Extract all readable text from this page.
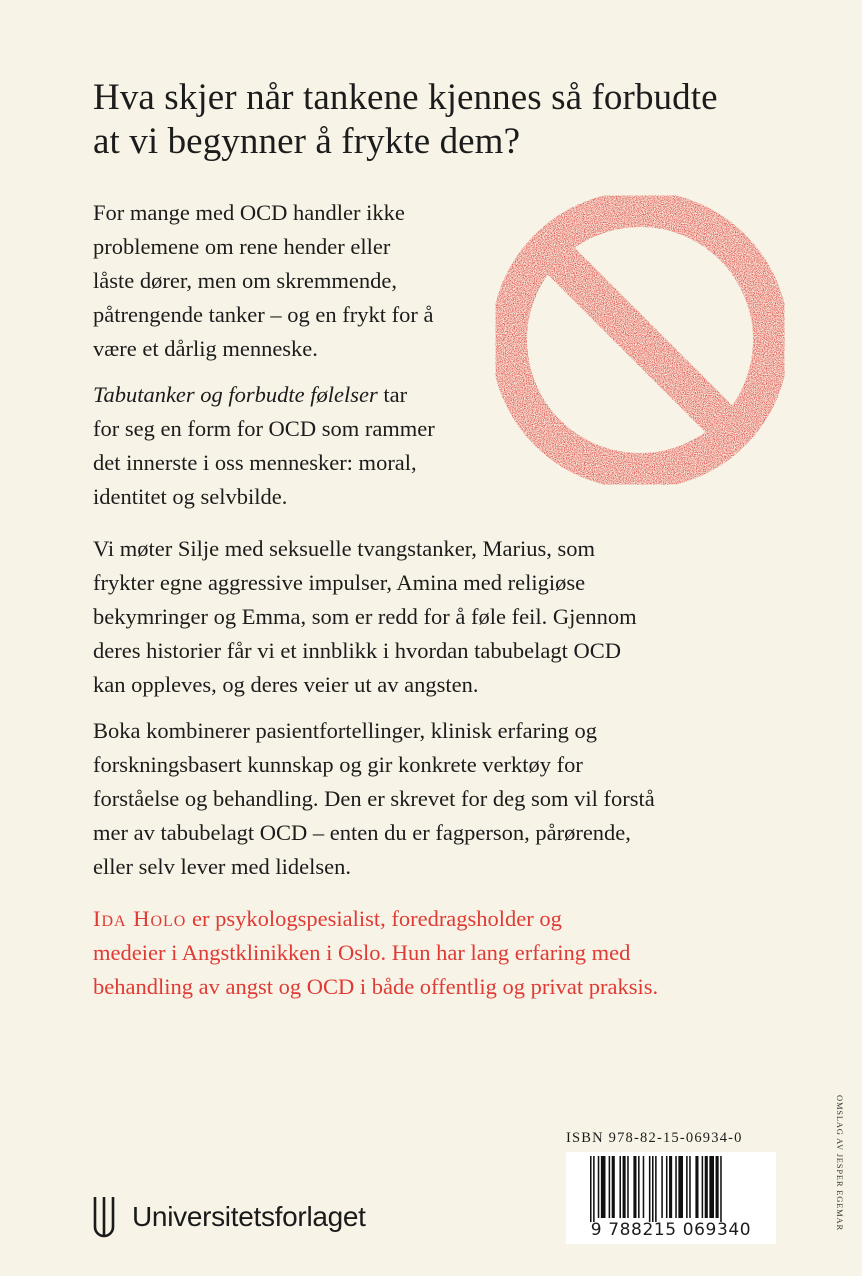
Hva skjer når tankene kjennes så forbudte
at vi begynner å frykte dem?

For mange med OCD handler ikke
problemene om rene hender eller
låste dører, men om skremmende,
påtrengende tanker – og en frykt for å
være et dårlig menneske.

Tabutanker og forbudte følelser tar
for seg en form for OCD som rammer
det innerste i oss mennesker: moral,
identitet og selvbilde.

Vi møter Silje med seksuelle tvangstanker, Marius, som
frykter egne aggressive impulser, Amina med religiøse
bekymringer og Emma, som er redd for å føle feil. Gjennom
deres historier får vi et innblikk i hvordan tabubelagt OCD
kan oppleves, og deres veier ut av angsten.

Boka kombinerer pasientfortellinger, klinisk erfaring og
forskningsbasert kunnskap og gir konkrete verktøy for
forståelse og behandling. Den er skrevet for deg som vil forstå
mer av tabubelagt OCD – enten du er fagperson, pårørende,
eller selv lever med lidelsen.

Ida Holo er psykologspesialist, foredragsholder og
medeier i Angstklinikken i Oslo. Hun har lang erfaring med
behandling av angst og OCD i både offentlig og privat praksis.

ISBN 978-82-15-06934-0

9 788215 069340

Universitetsforlaget	OMSLAG AV JESPER EGEMAR
